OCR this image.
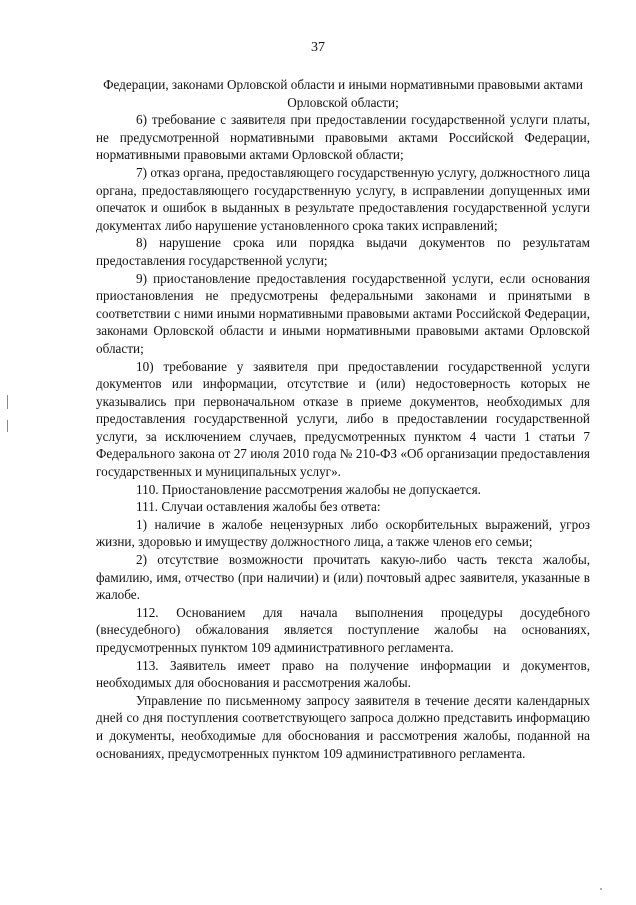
37

Федерации, законами Орловской области и иными нормативными правовыми актами Орловской области;

6) требование с заявителя при предоставлении государственной услуги платы, не предусмотренной нормативными правовыми актами Российской Федерации, нормативными правовыми актами Орловской области;

7) отказ органа, предоставляющего государственную услугу, должностного лица органа, предоставляющего государственную услугу, в исправлении допущенных ими опечаток и ошибок в выданных в результате предоставления государственной услуги документах либо нарушение установленного срока таких исправлений;

8) нарушение срока или порядка выдачи документов по результатам предоставления государственной услуги;

9) приостановление предоставления государственной услуги, если основания приостановления не предусмотрены федеральными законами и принятыми в соответствии с ними иными нормативными правовыми актами Российской Федерации, законами Орловской области и иными нормативными правовыми актами Орловской области;

10) требование у заявителя при предоставлении государственной услуги документов или информации, отсутствие и (или) недостоверность которых не указывались при первоначальном отказе в приеме документов, необходимых для предоставления государственной услуги, либо в предоставлении государственной услуги, за исключением случаев, предусмотренных пунктом 4 части 1 статьи 7 Федерального закона от 27 июля 2010 года № 210-ФЗ «Об организации предоставления государственных и муниципальных услуг».

110. Приостановление рассмотрения жалобы не допускается.

111. Случаи оставления жалобы без ответа:

1) наличие в жалобе нецензурных либо оскорбительных выражений, угроз жизни, здоровью и имуществу должностного лица, а также членов его семьи;

2) отсутствие возможности прочитать какую-либо часть текста жалобы, фамилию, имя, отчество (при наличии) и (или) почтовый адрес заявителя, указанные в жалобе.

112. Основанием для начала выполнения процедуры досудебного (внесудебного) обжалования является поступление жалобы на основаниях, предусмотренных пунктом 109 административного регламента.

113. Заявитель имеет право на получение информации и документов, необходимых для обоснования и рассмотрения жалобы.

Управление по письменному запросу заявителя в течение десяти календарных дней со дня поступления соответствующего запроса должно представить информацию и документы, необходимые для обоснования и рассмотрения жалобы, поданной на основаниях, предусмотренных пунктом 109 административного регламента.
